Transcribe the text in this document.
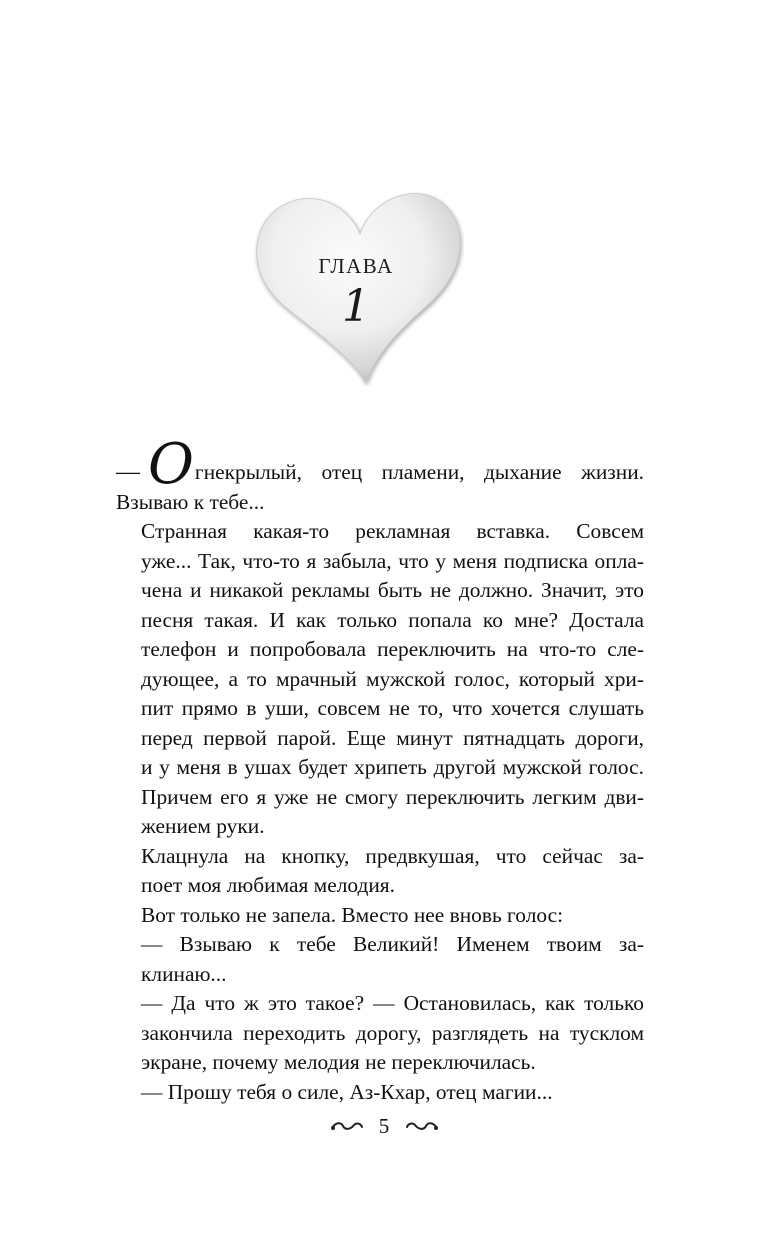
ГЛАВА
1

— Огнекрылый, отец пламени, дыхание жизни.
Взываю к тебе...

Странная какая-то рекламная вставка. Совсем
уже... Так, что-то я забыла, что у меня подписка опла-
чена и никакой рекламы быть не должно. Значит, это
песня такая. И как только попала ко мне? Достала
телефон и попробовала переключить на что-то сле-
дующее, а то мрачный мужской голос, который хри-
пит прямо в уши, совсем не то, что хочется слушать
перед первой парой. Еще минут пятнадцать дороги,
и у меня в ушах будет хрипеть другой мужской голос.
Причем его я уже не смогу переключить легким дви-
жением руки.

Клацнула на кнопку, предвкушая, что сейчас за-
поет моя любимая мелодия.

Вот только не запела. Вместо нее вновь голос:

— Взываю к тебе Великий! Именем твоим за-
клинаю...

— Да что ж это такое? — Остановилась, как только
закончила переходить дорогу, разглядеть на тусклом
экране, почему мелодия не переключилась.

— Прошу тебя о силе, Аз-Кхар, отец магии...

5
